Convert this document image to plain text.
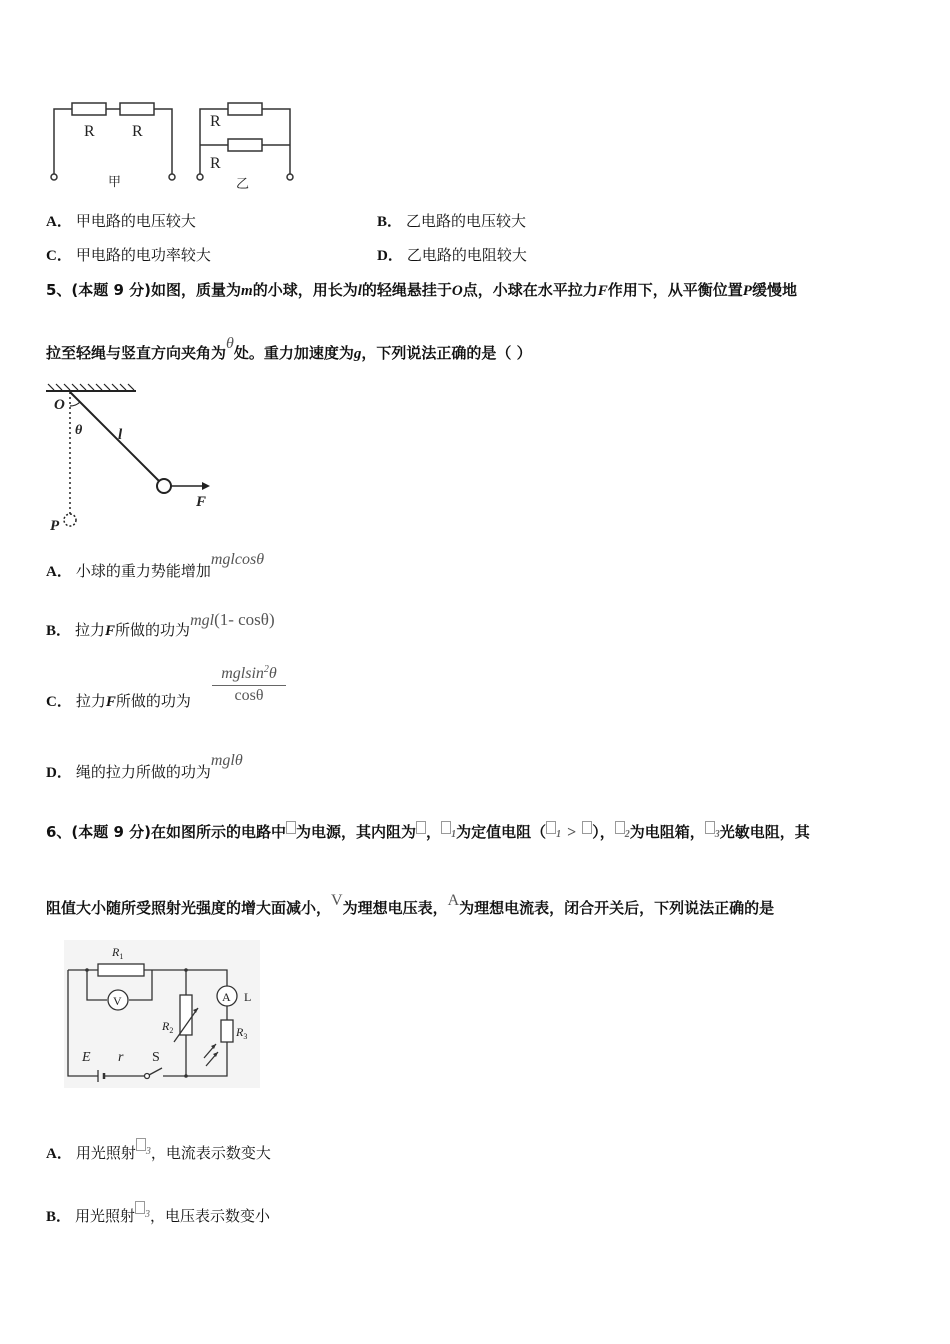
R R
R
R
甲	乙
A． 甲电路的电压较大	B． 乙电路的电压较大
C． 甲电路的电功率较大	D． 乙电路的电阻较大
5、(本题 9 分)如图，质量为m的小球，用长为l的轻绳悬挂于O点，小球在水平拉力F作用下，从平衡位置P缓慢地
拉至轻绳与竖直方向夹角为θ处。重力加速度为g，下列说法正确的是（ ）
O
θ l
F
P
A． 小球的重力势能增加mglcosθ
B． 拉力F所做的功为mgl(1- cosθ)
C． 拉力F所做的功为
mglsin$^2$θ
cosθ
D． 绳的拉力所做的功为mglθ
6、(本题 9 分)在如图所示的电路中 为电源，其内阻为 ， 1为定值电阻（ 1 > ）， 2为电阻箱， 3光敏电阻，其
阻值大小随所受照射光强度的增大面减小，V为理想电压表，A为理想电流表，闭合开关后，下列说法正确的是
$R_1$
V
$R_2$
A L
$R_3$
E r S
A． 用光照射 $^3$，电流表示数变大
B． 用光照射 $^3$，电压表示数变小
